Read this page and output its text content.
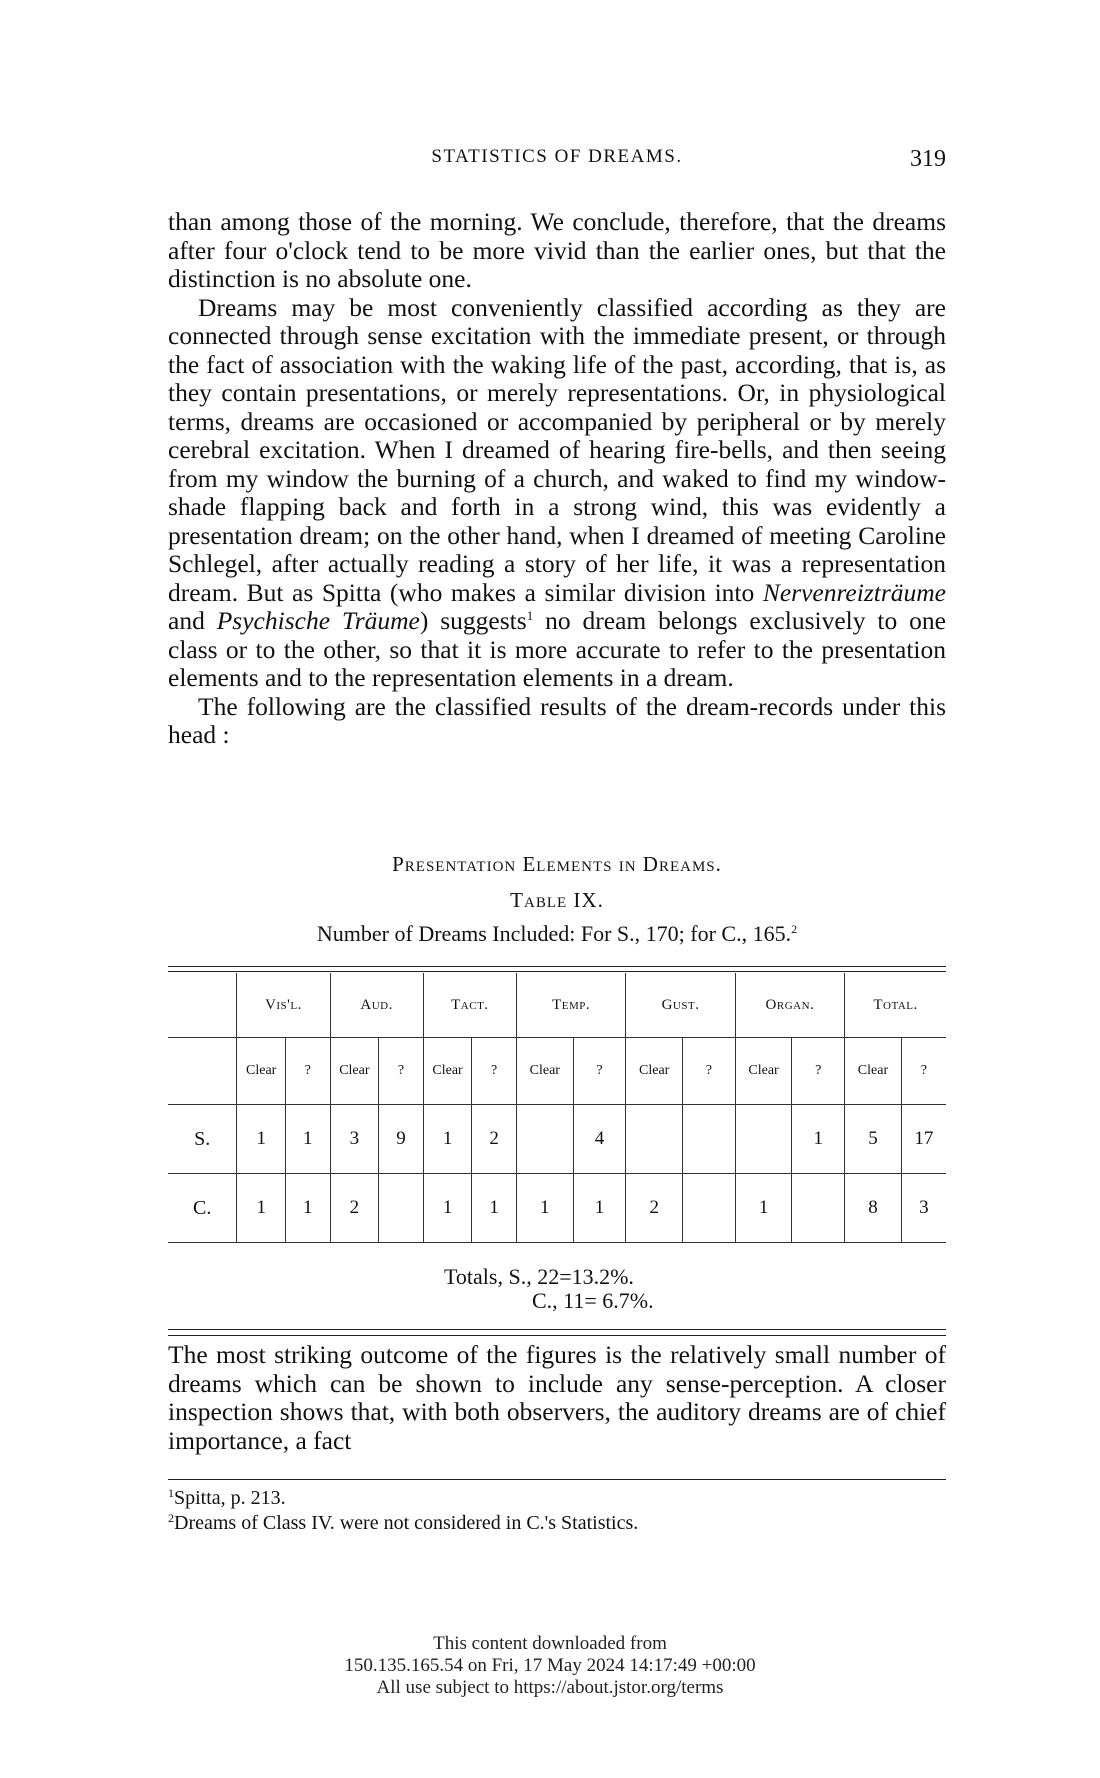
STATISTICS OF DREAMS.	319

than among those of the morning. We conclude, therefore, that the dreams after four o'clock tend to be more vivid than the earlier ones, but that the distinction is no absolute one.

Dreams may be most conveniently classified according as they are connected through sense excitation with the immediate present, or through the fact of association with the waking life of the past, according, that is, as they contain presentations, or merely representations. Or, in physiological terms, dreams are occasioned or accompanied by peripheral or by merely cerebral excitation. When I dreamed of hearing fire-bells, and then seeing from my window the burning of a church, and waked to find my window-shade flapping back and forth in a strong wind, this was evidently a presentation dream; on the other hand, when I dreamed of meeting Caroline Schlegel, after actually reading a story of her life, it was a representation dream. But as Spitta (who makes a similar division into Nervenreizträume and Psychische Träume) suggests$^1$ no dream belongs exclusively to one class or to the other, so that it is more accurate to refer to the presentation elements and to the representation elements in a dream.

The following are the classified results of the dream-records under this head :

Presentation Elements in Dreams.
Table IX.
Number of Dreams Included: For S., 170; for C., 165.$^2$
	Vis'l.		Aud.		Tact.		Temp.		Gust.		Organ.		Total.	
	Clear	?	Clear	?	Clear	?	Clear	?	Clear	?	Clear	?	Clear	?
S.	1	1	3	9	1	2		4				1	5	17
C.	1	1	2		1	1	1	1	2		1		8	3
Totals, S., 22=13.2%.
C., 11= 6.7%.

The most striking outcome of the figures is the relatively small number of dreams which can be shown to include any sense-perception. A closer inspection shows that, with both observers, the auditory dreams are of chief importance, a fact

$^1$Spitta, p. 213.
$^2$Dreams of Class IV. were not considered in C.'s Statistics.
This content downloaded from
150.135.165.54 on Fri, 17 May 2024 14:17:49 +00:00
All use subject to https://about.jstor.org/terms
